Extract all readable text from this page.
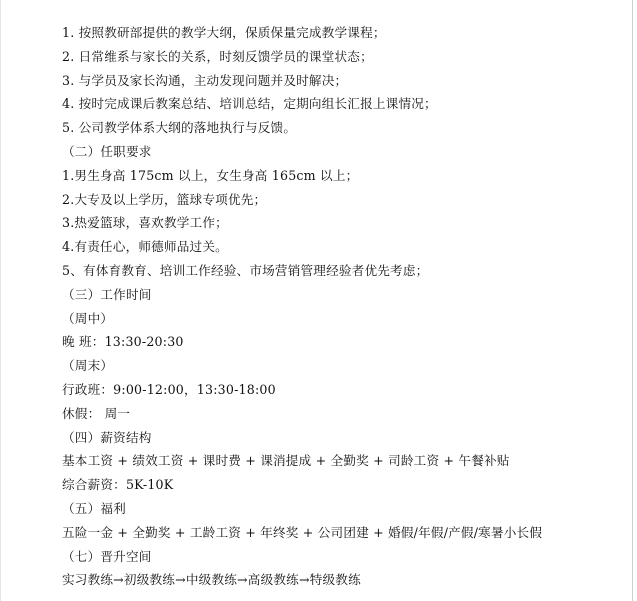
1. 按照教研部提供的教学大纲，保质保量完成教学课程；
2. 日常维系与家长的关系，时刻反馈学员的课堂状态；
3. 与学员及家长沟通，主动发现问题并及时解决；
4. 按时完成课后教案总结、培训总结，定期向组长汇报上课情况；
5. 公司教学体系大纲的落地执行与反馈。
（二）任职要求
1.男生身高 175cm 以上，女生身高 165cm 以上；
2.大专及以上学历，篮球专项优先；
3.热爱篮球，喜欢教学工作；
4.有责任心，师德师品过关。
5、有体育教育、培训工作经验、市场营销管理经验者优先考虑；
（三）工作时间
（周中）
晚 班：13:30-20:30
（周末）
行政班：9:00-12:00，13:30-18:00
休假： 周一
（四）薪资结构
基本工资 + 绩效工资 + 课时费 + 课消提成 + 全勤奖 + 司龄工资 + 午餐补贴
综合薪资：5K-10K
（五）福利
五险一金 + 全勤奖 + 工龄工资 + 年终奖 + 公司团建 + 婚假/年假/产假/寒暑小长假
（七）晋升空间
实习教练→初级教练→中级教练→高级教练→特级教练
